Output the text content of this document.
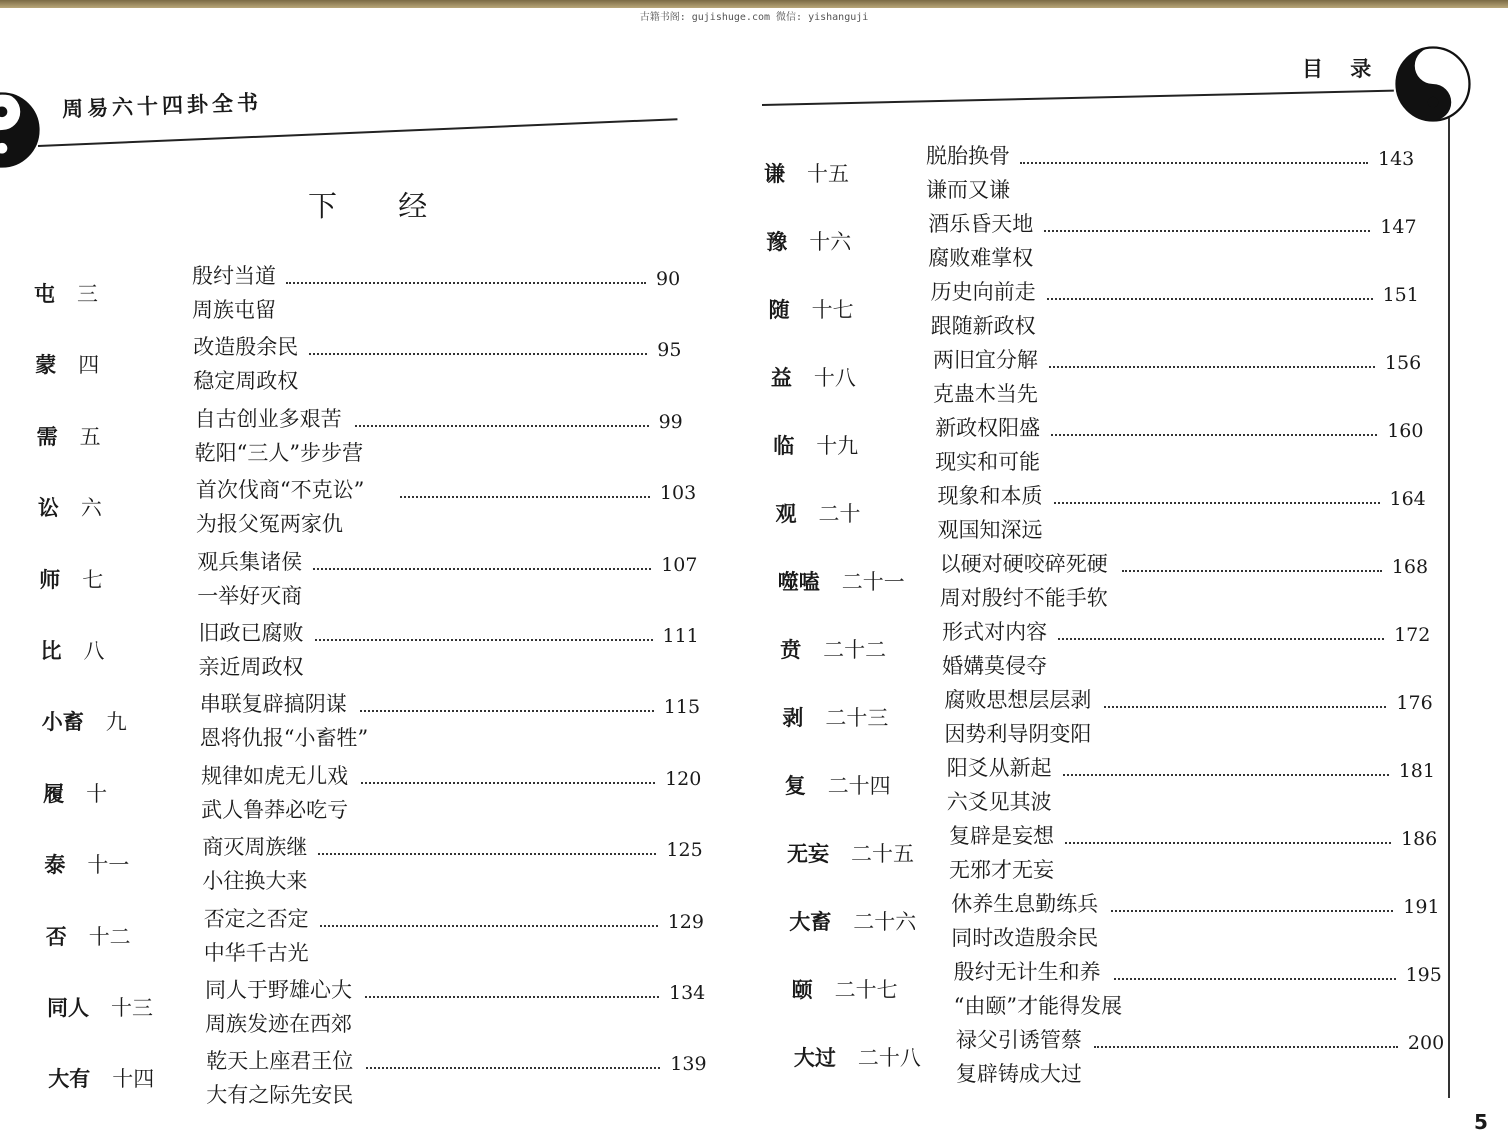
古籍书阁: gujishuge.com 微信: yishanguji
周易六十四卦全书
目 录
下 经
屯 三
殷纣当道
周族屯留
90
蒙 四
改造殷余民
稳定周政权
95
需 五
自古创业多艰苦
乾阳“三人”步步营
99
讼 六
首次伐商“不克讼”
为报父冤两家仇
103
师 七
观兵集诸侯
一举好灭商
107
比 八
旧政已腐败
亲近周政权
111
小畜 九
串联复辟搞阴谋
恩将仇报“小畜牲”
115
履 十
规律如虎无儿戏
武人鲁莽必吃亏
120
泰 十一
商灭周族继
小往换大来
125
否 十二
否定之否定
中华千古光
129
同人 十三
同人于野雄心大
周族发迹在西郊
134
大有 十四
乾天上座君王位
大有之际先安民
139
谦 十五
脱胎换骨
谦而又谦
143
豫 十六
酒乐昏天地
腐败难掌权
147
随 十七
历史向前走
跟随新政权
151
益 十八
两旧宜分解
克蛊木当先
156
临 十九
新政权阳盛
现实和可能
160
观 二十
现象和本质
观国知深远
164
噬嗑 二十一
以硬对硬咬碎死硬
周对殷纣不能手软
168
贲 二十二
形式对内容
婚媾莫侵夺
172
剥 二十三
腐败思想层层剥
因势利导阴变阳
176
复 二十四
阳爻从新起
六爻见其波
181
无妄 二十五
复辟是妄想
无邪才无妄
186
大畜 二十六
休养生息勤练兵
同时改造殷余民
191
颐 二十七
殷纣无计生和养
“由颐”才能得发展
195
大过 二十八
禄父引诱管蔡
复辟铸成大过
200
5
